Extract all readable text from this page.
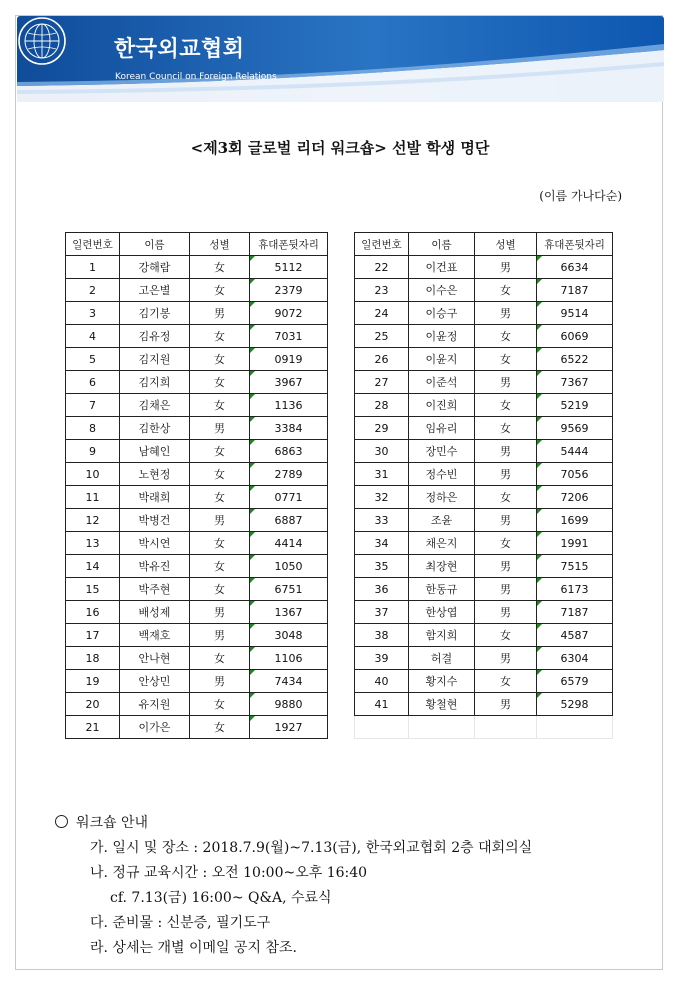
한국외교협회
Korean Council on Foreign Relations
<제3회 글로벌 리더 워크숍> 선발 학생 명단
(이름 가나다순)
일련번호	이름	성별	휴대폰뒷자리
1	강해람	女	5112
2	고은별	女	2379
3	김기봉	男	9072
4	김유정	女	7031
5	김지원	女	0919
6	김지희	女	3967
7	김채은	女	1136
8	김한상	男	3384
9	남혜인	女	6863
10	노현정	女	2789
11	박래희	女	0771
12	박병건	男	6887
13	박시연	女	4414
14	박유진	女	1050
15	박주현	女	6751
16	배성제	男	1367
17	백재호	男	3048
18	안나현	女	1106
19	안상민	男	7434
20	유지원	女	9880
21	이가은	女	1927
일련번호	이름	성별	휴대폰뒷자리
22	이건표	男	6634
23	이수은	女	7187
24	이승구	男	9514
25	이윤정	女	6069
26	이윤지	女	6522
27	이준석	男	7367
28	이진희	女	5219
29	임유리	女	9569
30	장민수	男	5444
31	정수빈	男	7056
32	정하은	女	7206
33	조윤	男	1699
34	채은지	女	1991
35	최장현	男	7515
36	한동규	男	6173
37	한상엽	男	7187
38	함지희	女	4587
39	허결	男	6304
40	황지수	女	6579
41	황철현	男	5298

워크숍 안내
가. 일시 및 장소 : 2018.7.9(월)~7.13(금), 한국외교협회 2층 대회의실
나. 정규 교육시간 : 오전 10:00~오후 16:40
cf. 7.13(금) 16:00~ Q&A, 수료식
다. 준비물 : 신분증, 필기도구
라. 상세는 개별 이메일 공지 참조.
